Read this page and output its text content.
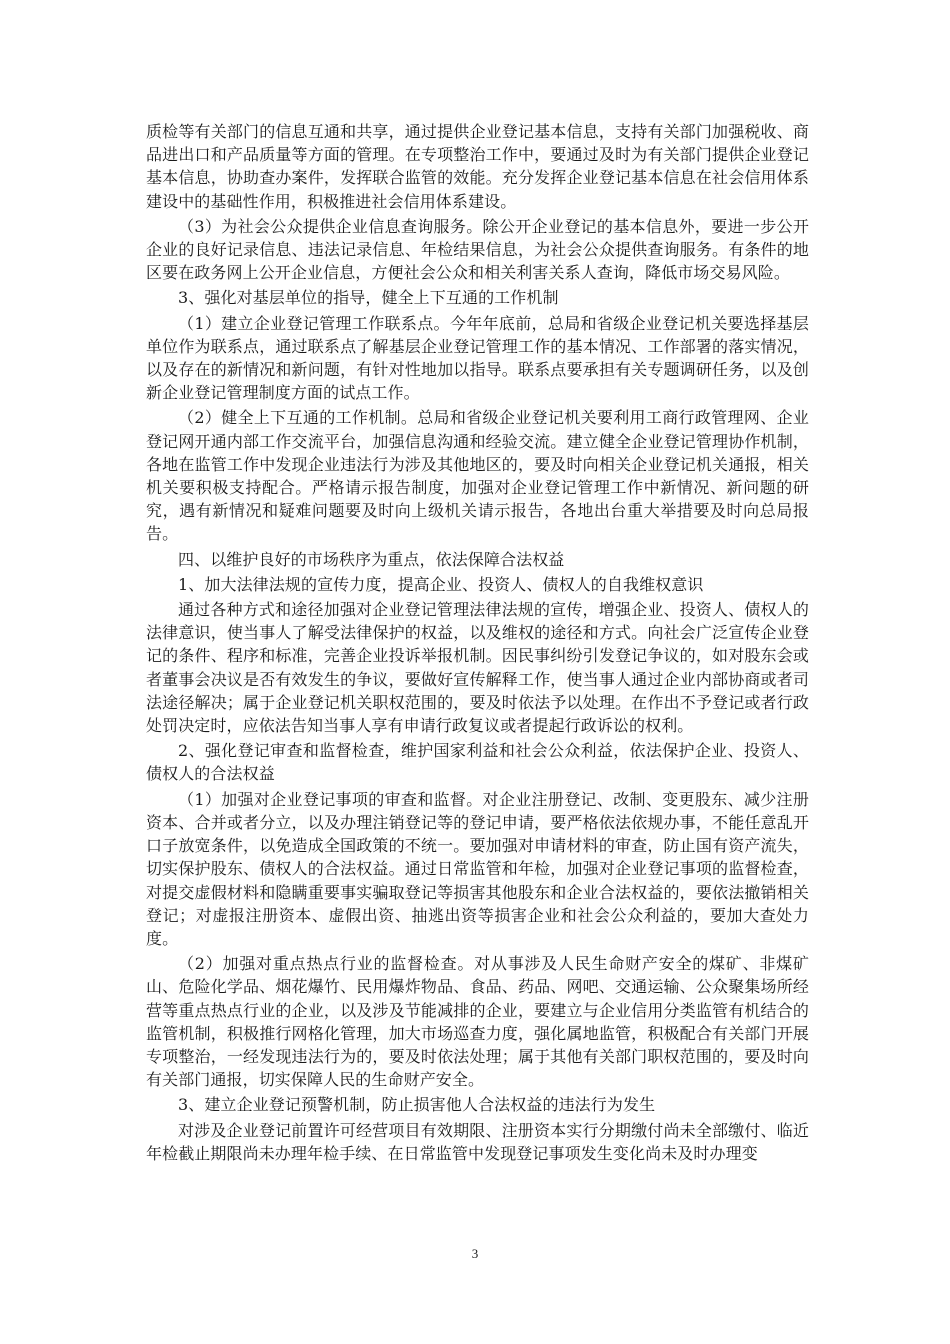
质检等有关部门的信息互通和共享，通过提供企业登记基本信息，支持有关部门加强税收、商品进出口和产品质量等方面的管理。在专项整治工作中，要通过及时为有关部门提供企业登记基本信息，协助查办案件，发挥联合监管的效能。充分发挥企业登记基本信息在社会信用体系建设中的基础性作用，积极推进社会信用体系建设。

（3）为社会公众提供企业信息查询服务。除公开企业登记的基本信息外，要进一步公开企业的良好记录信息、违法记录信息、年检结果信息，为社会公众提供查询服务。有条件的地区要在政务网上公开企业信息，方便社会公众和相关利害关系人查询，降低市场交易风险。

3、强化对基层单位的指导，健全上下互通的工作机制

（1）建立企业登记管理工作联系点。今年年底前，总局和省级企业登记机关要选择基层单位作为联系点，通过联系点了解基层企业登记管理工作的基本情况、工作部署的落实情况，以及存在的新情况和新问题，有针对性地加以指导。联系点要承担有关专题调研任务，以及创新企业登记管理制度方面的试点工作。

（2）健全上下互通的工作机制。总局和省级企业登记机关要利用工商行政管理网、企业登记网开通内部工作交流平台，加强信息沟通和经验交流。建立健全企业登记管理协作机制，各地在监管工作中发现企业违法行为涉及其他地区的，要及时向相关企业登记机关通报，相关机关要积极支持配合。严格请示报告制度，加强对企业登记管理工作中新情况、新问题的研究，遇有新情况和疑难问题要及时向上级机关请示报告，各地出台重大举措要及时向总局报告。

四、以维护良好的市场秩序为重点，依法保障合法权益

1、加大法律法规的宣传力度，提高企业、投资人、债权人的自我维权意识

通过各种方式和途径加强对企业登记管理法律法规的宣传，增强企业、投资人、债权人的法律意识，使当事人了解受法律保护的权益，以及维权的途径和方式。向社会广泛宣传企业登记的条件、程序和标准，完善企业投诉举报机制。因民事纠纷引发登记争议的，如对股东会或者董事会决议是否有效发生的争议，要做好宣传解释工作，使当事人通过企业内部协商或者司法途径解决；属于企业登记机关职权范围的，要及时依法予以处理。在作出不予登记或者行政处罚决定时，应依法告知当事人享有申请行政复议或者提起行政诉讼的权利。

2、强化登记审查和监督检查，维护国家利益和社会公众利益，依法保护企业、投资人、债权人的合法权益

（1）加强对企业登记事项的审查和监督。对企业注册登记、改制、变更股东、减少注册资本、合并或者分立，以及办理注销登记等的登记申请，要严格依法依规办事，不能任意乱开口子放宽条件，以免造成全国政策的不统一。要加强对申请材料的审查，防止国有资产流失，切实保护股东、债权人的合法权益。通过日常监管和年检，加强对企业登记事项的监督检查，对提交虚假材料和隐瞒重要事实骗取登记等损害其他股东和企业合法权益的，要依法撤销相关登记；对虚报注册资本、虚假出资、抽逃出资等损害企业和社会公众利益的，要加大查处力度。

（2）加强对重点热点行业的监督检查。对从事涉及人民生命财产安全的煤矿、非煤矿山、危险化学品、烟花爆竹、民用爆炸物品、食品、药品、网吧、交通运输、公众聚集场所经营等重点热点行业的企业，以及涉及节能减排的企业，要建立与企业信用分类监管有机结合的监管机制，积极推行网格化管理，加大市场巡查力度，强化属地监管，积极配合有关部门开展专项整治，一经发现违法行为的，要及时依法处理；属于其他有关部门职权范围的，要及时向有关部门通报，切实保障人民的生命财产安全。

3、建立企业登记预警机制，防止损害他人合法权益的违法行为发生

对涉及企业登记前置许可经营项目有效期限、注册资本实行分期缴付尚未全部缴付、临近年检截止期限尚未办理年检手续、在日常监管中发现登记事项发生变化尚未及时办理变

3
